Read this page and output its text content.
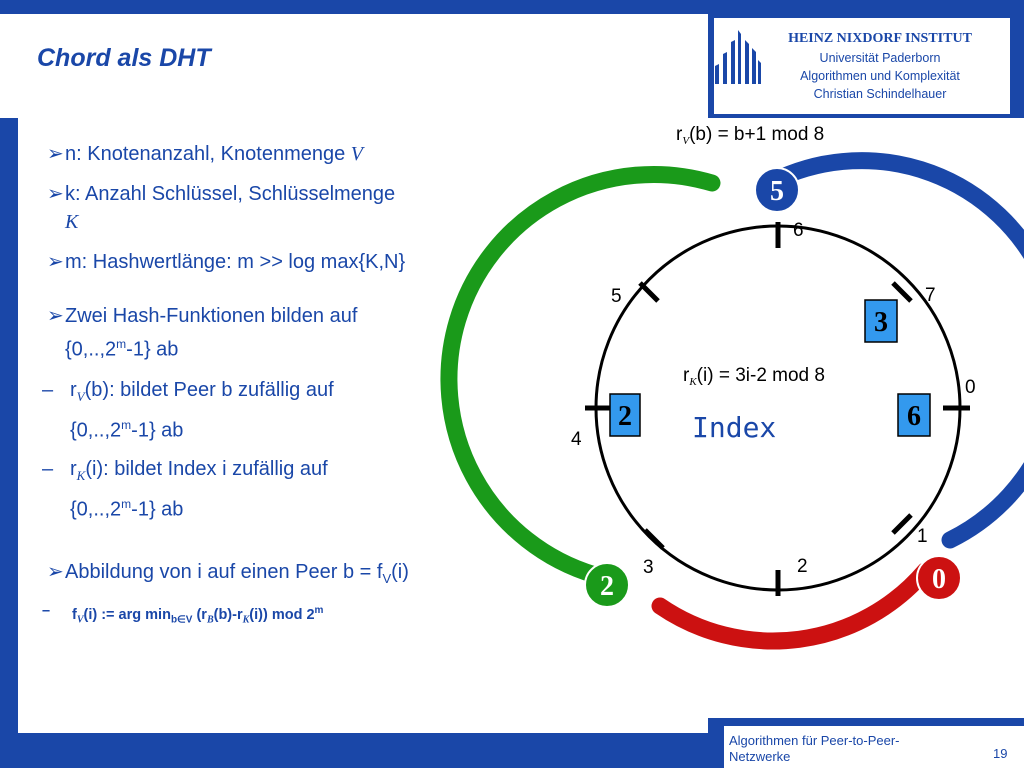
HEINZ NIXDORF INSTITUT
Universität Paderborn
Algorithmen und Komplexität
Christian Schindelhauer
Chord als DHT
➢ n: Knotenanzahl, Knotenmenge V
➢ k: Anzahl Schlüssel, Schlüsselmenge
K
➢ m: Hashwertlänge: m >> log max{K,N}
➢ Zwei Hash-Funktionen bilden auf
{0,..,2$^m$-1} ab
– $r_V(b)$: bildet Peer b zufällig auf
{0,..,2$^m$-1} ab
– $r_K(i)$: bildet Index i zufällig auf
{0,..,2$^m$-1} ab
➢ Abbildung von i auf einen Peer $b = f_V(i)$
– $f_V(i)$ := arg $\min_{b\in V} (r_B(b)-r_K(i))$ mod 2$^m$
6
7
0
1
2
3
4
5
$r_V(b) = b+1$ mod 8
$r_K(i) = 3i-2$ mod 8
Index
5
2	0
3
2	6
Algorithmen für Peer-to-Peer-
Netzwerke	19
